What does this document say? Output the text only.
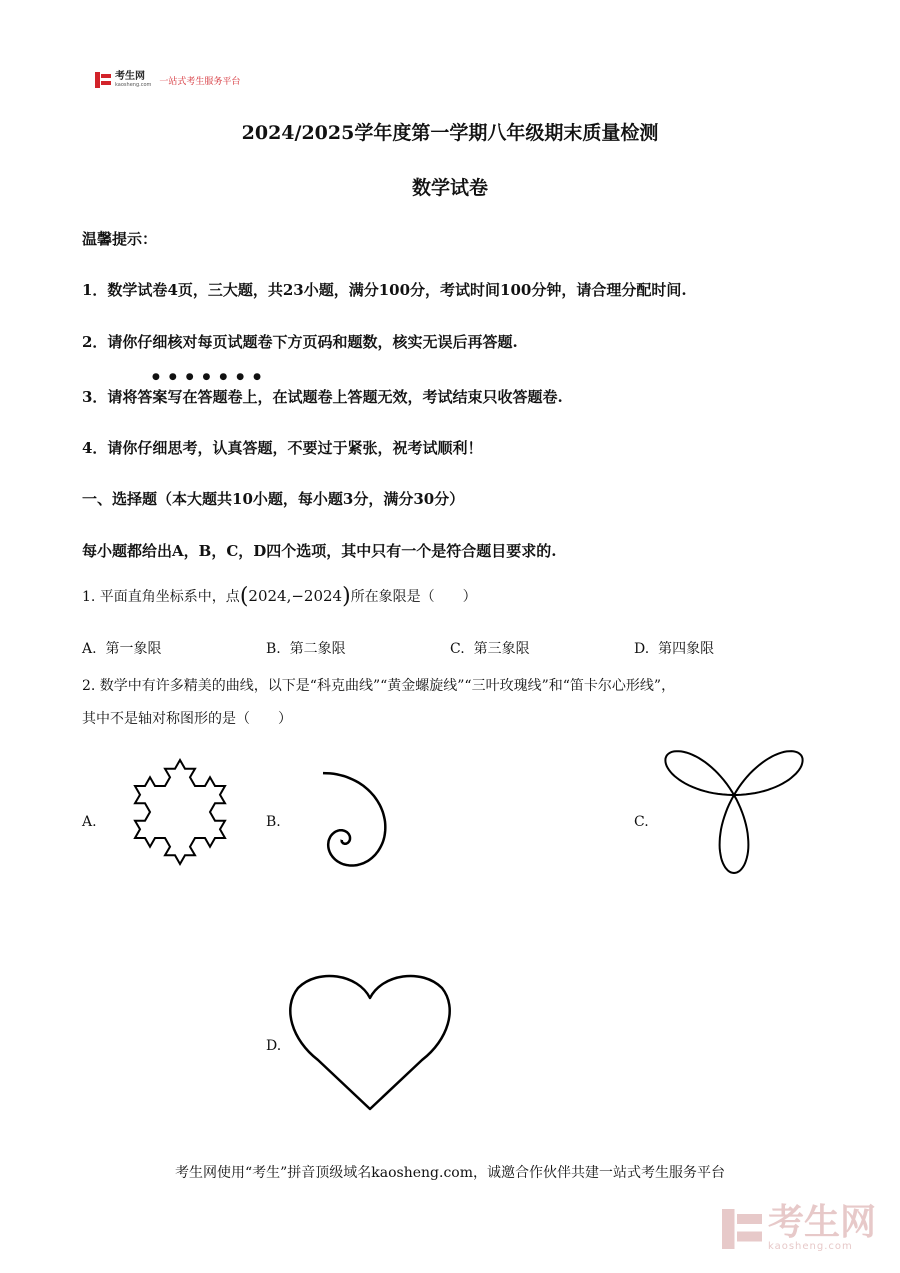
考生网
kaosheng.com 一站式考生服务平台
2024/2025学年度第一学期八年级期末质量检测
数学试卷
温馨提示：
1．数学试卷4页，三大题，共23小题，满分100分，考试时间100分钟，请合理分配时间.
2．请你仔细核对每页试题卷下方页码和题数，核实无误后再答题.
●●●●●●●
3．请将答案写在答题卷上，在试题卷上答题无效，考试结束只收答题卷.
4．请你仔细思考，认真答题，不要过于紧张，祝考试顺利！
一、选择题（本大题共10小题，每小题3分，满分30分）
每小题都给出A，B，C，D四个选项，其中只有一个是符合题目要求的.
1. 平面直角坐标系中，点(2024,−2024)所在象限是（　　）
A. 第一象限	B. 第二象限	C. 第三象限	D. 第四象限
2. 数学中有许多精美的曲线，以下是“科克曲线”“黄金螺旋线”“三叶玫瑰线”和“笛卡尔心形线”，
其中不是轴对称图形的是（　　）
A.	B.	C.
D.
考生网使用“考生”拼音顶级域名kaosheng.com，诚邀合作伙伴共建一站式考生服务平台
考生网
kaosheng.com
